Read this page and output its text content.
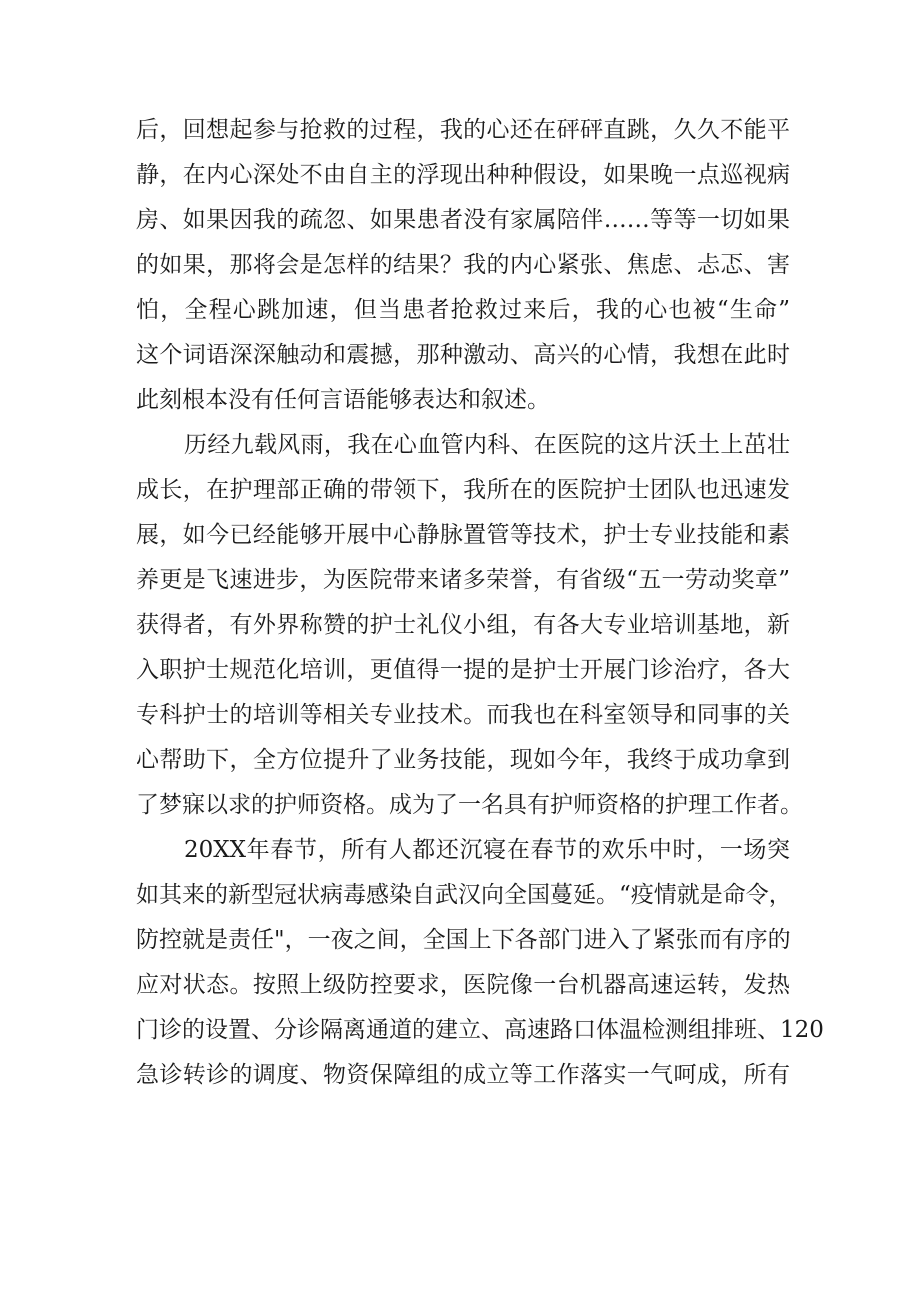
后，回想起参与抢救的过程，我的心还在砰砰直跳，久久不能平
静，在内心深处不由自主的浮现出种种假设，如果晚一点巡视病
房、如果因我的疏忽、如果患者没有家属陪伴……等等一切如果
的如果，那将会是怎样的结果？我的内心紧张、焦虑、忐忑、害
怕，全程心跳加速，但当患者抢救过来后，我的心也被“生命”
这个词语深深触动和震撼，那种激动、高兴的心情，我想在此时
此刻根本没有任何言语能够表达和叙述。
历经九载风雨，我在心血管内科、在医院的这片沃土上茁壮
成长，在护理部正确的带领下，我所在的医院护士团队也迅速发
展，如今已经能够开展中心静脉置管等技术，护士专业技能和素
养更是飞速进步，为医院带来诸多荣誉，有省级“五一劳动奖章”
获得者，有外界称赞的护士礼仪小组，有各大专业培训基地，新
入职护士规范化培训，更值得一提的是护士开展门诊治疗，各大
专科护士的培训等相关专业技术。而我也在科室领导和同事的关
心帮助下，全方位提升了业务技能，现如今年，我终于成功拿到
了梦寐以求的护师资格。成为了一名具有护师资格的护理工作者。
20XX年春节，所有人都还沉寝在春节的欢乐中时，一场突
如其来的新型冠状病毒感染自武汉向全国蔓延。“疫情就是命令，
防控就是责任"，一夜之间，全国上下各部门进入了紧张而有序的
应对状态。按照上级防控要求，医院像一台机器高速运转，发热
门诊的设置、分诊隔离通道的建立、高速路口体温检测组排班、120
急诊转诊的调度、物资保障组的成立等工作落实一气呵成，所有
